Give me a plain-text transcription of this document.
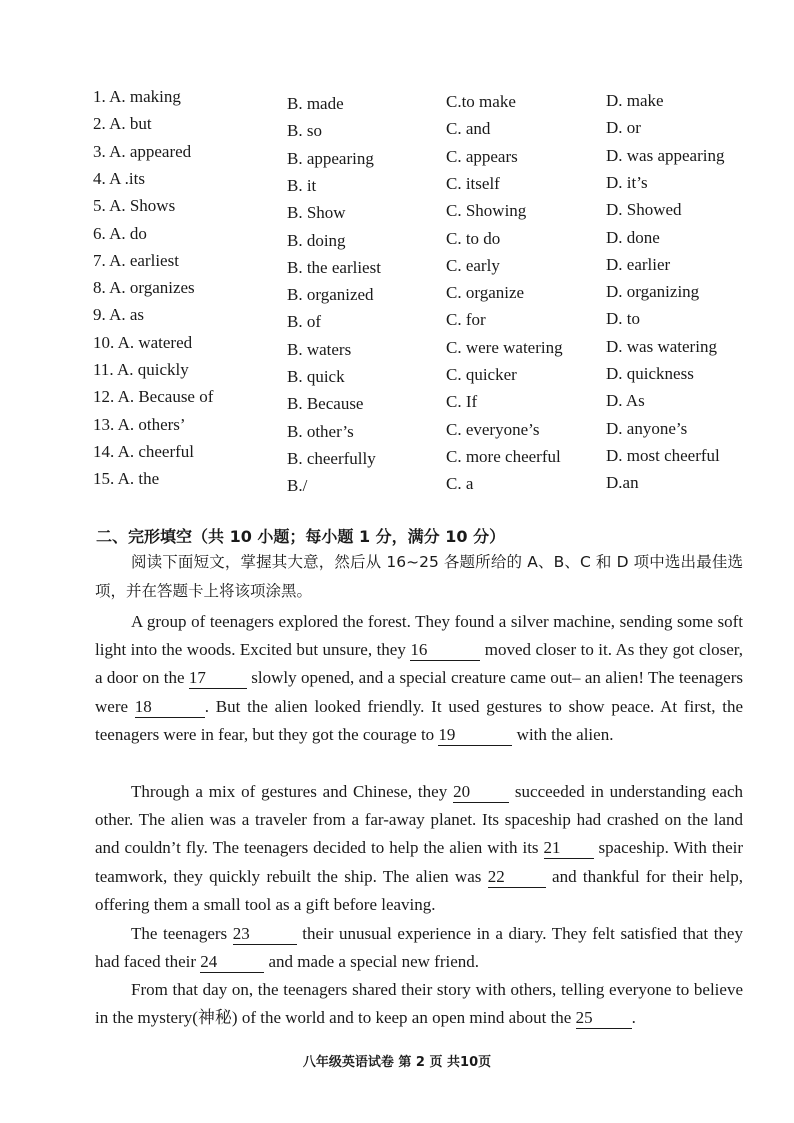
1. A. making	B. made	C.to make	D. make
2. A. but	B. so	C. and	D. or
3. A. appeared	B. appearing	C. appears	D. was appearing
4. A .its	B. it	C. itself	D. it’s
5. A. Shows	B. Show	C. Showing	D. Showed
6. A. do	B. doing	C. to do	D. done
7. A. earliest	B. the earliest	C. early	D. earlier
8. A. organizes	B. organized	C. organize	D. organizing
9. A. as	B. of	C. for	D. to
10. A. watered	B. waters	C. were watering	D. was watering
11. A. quickly	B. quick	C. quicker	D. quickness
12. A. Because of	B. Because	C. If	D. As
13. A. others’	B. other’s	C. everyone’s	D. anyone’s
14. A. cheerful	B. cheerfully	C. more cheerful	D. most cheerful
15. A. the	B./	C. a	D.an
二、完形填空（共 10 小题；每小题 1 分，满分 10 分）
阅读下面短文，掌握其大意，然后从 16~25 各题所给的 A、B、C 和 D 项中选出最佳选项，并在答题卡上将该项涂黑。
A group of teenagers explored the forest. They found a silver machine, sending some soft light into the woods. Excited but unsure, they 16	moved closer to it. As they got closer, a door on the 17 slowly opened, and a special creature came out– an alien! The teenagers were 18	. But the alien looked friendly. It used gestures to show peace. At first, the teenagers were in fear, but they got the courage to 19	with the alien.
Through a mix of gestures and Chinese, they 20 succeeded in understanding each other. The alien was a traveler from a far-away planet. Its spaceship had crashed on the land and couldn’t fly. The teenagers decided to help the alien with its 21 spaceship. With their teamwork, they quickly rebuilt the ship. The alien was 22 and thankful for their help, offering them a small tool as a gift before leaving.
The teenagers 23	their unusual experience in a diary. They felt satisfied that they had faced their 24	and made a special new friend.
From that day on, the teenagers shared their story with others, telling everyone to believe in the mystery(神秘) of the world and to keep an open mind about the 25 .
八年级英语试卷 第 2 页 共10页
